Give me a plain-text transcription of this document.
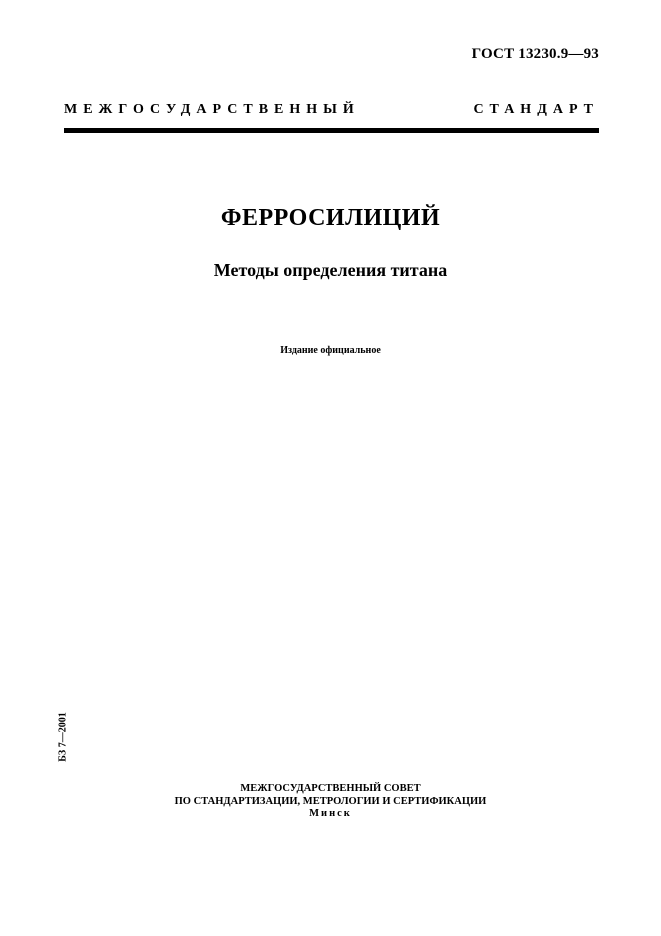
ГОСТ 13230.9—93
МЕЖГОСУДАРСТВЕННЫЙ СТАНДАРТ
ФЕРРОСИЛИЦИЙ
Методы определения титана
Издание официальное
БЗ 7—2001
МЕЖГОСУДАРСТВЕННЫЙ СОВЕТ
ПО СТАНДАРТИЗАЦИИ, МЕТРОЛОГИИ И СЕРТИФИКАЦИИ
Минск
